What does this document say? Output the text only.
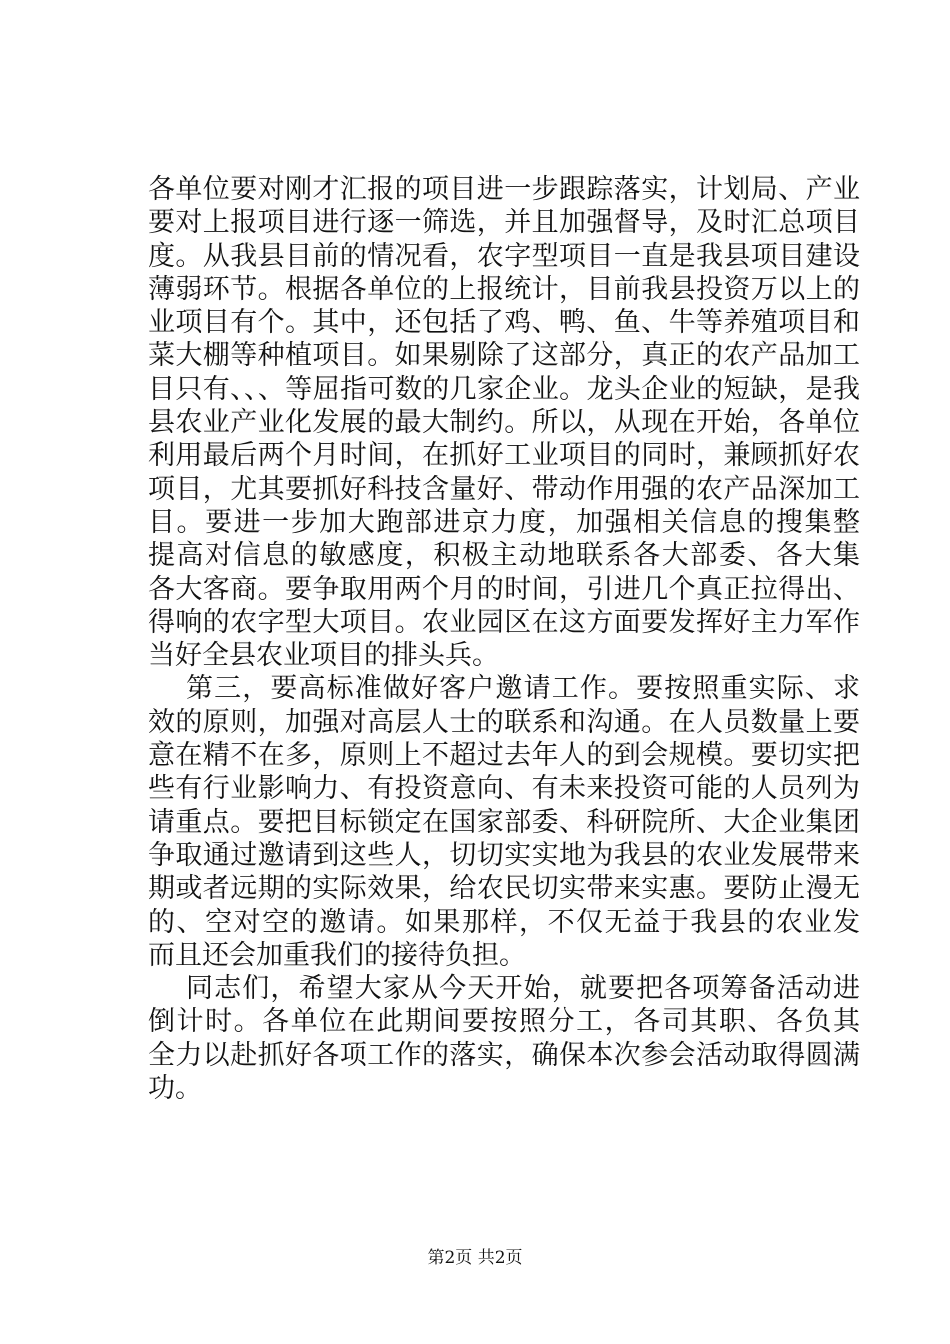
各单位要对刚才汇报的项目进一步跟踪落实，计划局、产业
要对上报项目进行逐一筛选，并且加强督导，及时汇总项目
度。从我县目前的情况看，农字型项目一直是我县项目建设
薄弱环节。根据各单位的上报统计，目前我县投资万以上的
业项目有个。其中，还包括了鸡、鸭、鱼、牛等养殖项目和
菜大棚等种植项目。如果剔除了这部分，真正的农产品加工
目只有、、、等屈指可数的几家企业。龙头企业的短缺，是我
县农业产业化发展的最大制约。所以，从现在开始，各单位
利用最后两个月时间，在抓好工业项目的同时，兼顾抓好农
项目，尤其要抓好科技含量好、带动作用强的农产品深加工
目。要进一步加大跑部进京力度，加强相关信息的搜集整
提高对信息的敏感度，积极主动地联系各大部委、各大集
各大客商。要争取用两个月的时间，引进几个真正拉得出、
得响的农字型大项目。农业园区在这方面要发挥好主力军作
当好全县农业项目的排头兵。
第三，要高标准做好客户邀请工作。要按照重实际、求
效的原则，加强对高层人士的联系和沟通。在人员数量上要
意在精不在多，原则上不超过去年人的到会规模。要切实把
些有行业影响力、有投资意向、有未来投资可能的人员列为
请重点。要把目标锁定在国家部委、科研院所、大企业集团
争取通过邀请到这些人，切切实实地为我县的农业发展带来
期或者远期的实际效果，给农民切实带来实惠。要防止漫无
的、空对空的邀请。如果那样，不仅无益于我县的农业发
而且还会加重我们的接待负担。
同志们，希望大家从今天开始，就要把各项筹备活动进
倒计时。各单位在此期间要按照分工，各司其职、各负其
全力以赴抓好各项工作的落实，确保本次参会活动取得圆满
功。
第2页 共2页
